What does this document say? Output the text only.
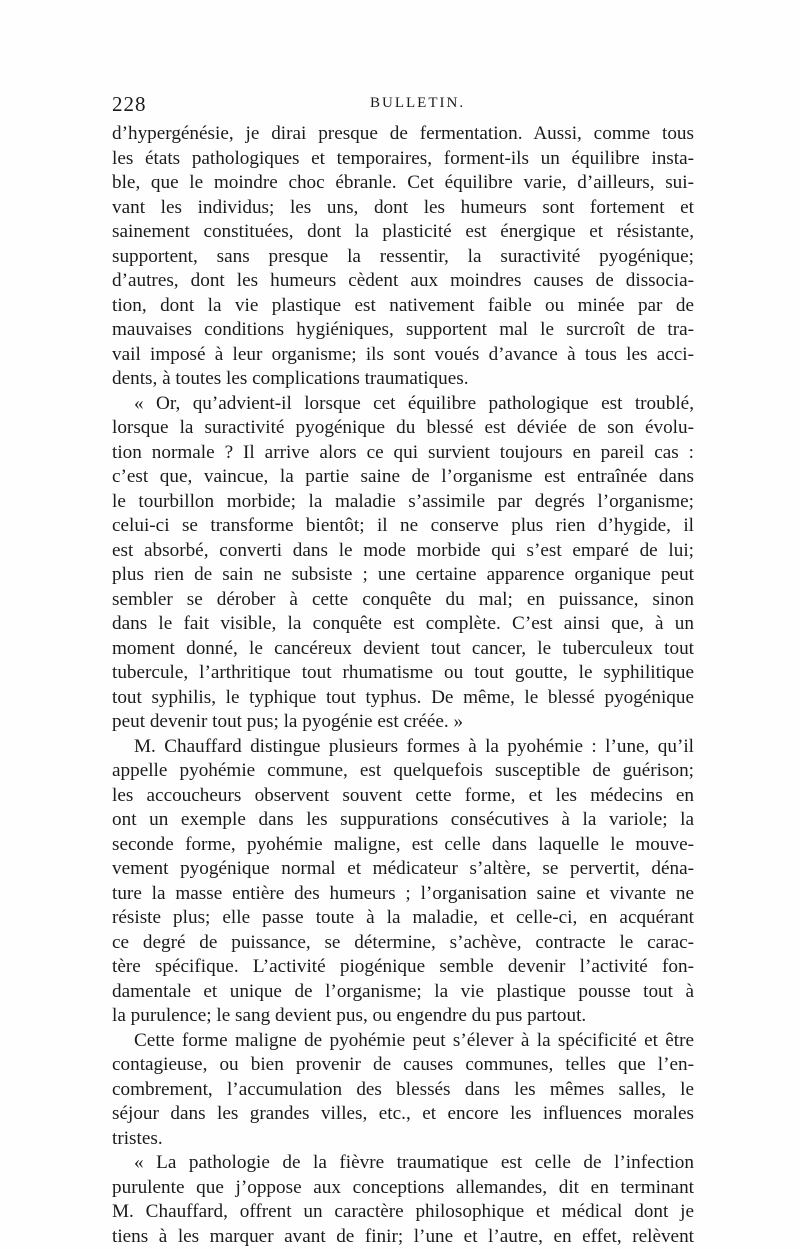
228	BULLETIN.
d’hypergénésie, je dirai presque de fermentation. Aussi, comme tous
les états pathologiques et temporaires, forment-ils un équilibre insta-
ble, que le moindre choc ébranle. Cet équilibre varie, d’ailleurs, sui-
vant les individus; les uns, dont les humeurs sont fortement et
sainement constituées, dont la plasticité est énergique et résistante,
supportent, sans presque la ressentir, la suractivité pyogénique;
d’autres, dont les humeurs cèdent aux moindres causes de dissocia-
tion, dont la vie plastique est nativement faible ou minée par de
mauvaises conditions hygiéniques, supportent mal le surcroît de tra-
vail imposé à leur organisme; ils sont voués d’avance à tous les acci-
dents, à toutes les complications traumatiques.
« Or, qu’advient-il lorsque cet équilibre pathologique est troublé,
lorsque la suractivité pyogénique du blessé est déviée de son évolu-
tion normale ? Il arrive alors ce qui survient toujours en pareil cas :
c’est que, vaincue, la partie saine de l’organisme est entraînée dans
le tourbillon morbide; la maladie s’assimile par degrés l’organisme;
celui-ci se transforme bientôt; il ne conserve plus rien d’hygide, il
est absorbé, converti dans le mode morbide qui s’est emparé de lui;
plus rien de sain ne subsiste ; une certaine apparence organique peut
sembler se dérober à cette conquête du mal; en puissance, sinon
dans le fait visible, la conquête est complète. C’est ainsi que, à un
moment donné, le cancéreux devient tout cancer, le tuberculeux tout
tubercule, l’arthritique tout rhumatisme ou tout goutte, le syphilitique
tout syphilis, le typhique tout typhus. De même, le blessé pyogénique
peut devenir tout pus; la pyogénie est créée. »
M. Chauffard distingue plusieurs formes à la pyohémie : l’une, qu’il
appelle pyohémie commune, est quelquefois susceptible de guérison;
les accoucheurs observent souvent cette forme, et les médecins en
ont un exemple dans les suppurations consécutives à la variole; la
seconde forme, pyohémie maligne, est celle dans laquelle le mouve-
vement pyogénique normal et médicateur s’altère, se pervertit, déna-
ture la masse entière des humeurs ; l’organisation saine et vivante ne
résiste plus; elle passe toute à la maladie, et celle-ci, en acquérant
ce degré de puissance, se détermine, s’achève, contracte le carac-
tère spécifique. L’activité piogénique semble devenir l’activité fon-
damentale et unique de l’organisme; la vie plastique pousse tout à
la purulence; le sang devient pus, ou engendre du pus partout.
Cette forme maligne de pyohémie peut s’élever à la spécificité et être
contagieuse, ou bien provenir de causes communes, telles que l’en-
combrement, l’accumulation des blessés dans les mêmes salles, le
séjour dans les grandes villes, etc., et encore les influences morales
tristes.
« La pathologie de la fièvre traumatique est celle de l’infection
purulente que j’oppose aux conceptions allemandes, dit en terminant
M. Chauffard, offrent un caractère philosophique et médical dont je
tiens à les marquer avant de finir; l’une et l’autre, en effet, relèvent
